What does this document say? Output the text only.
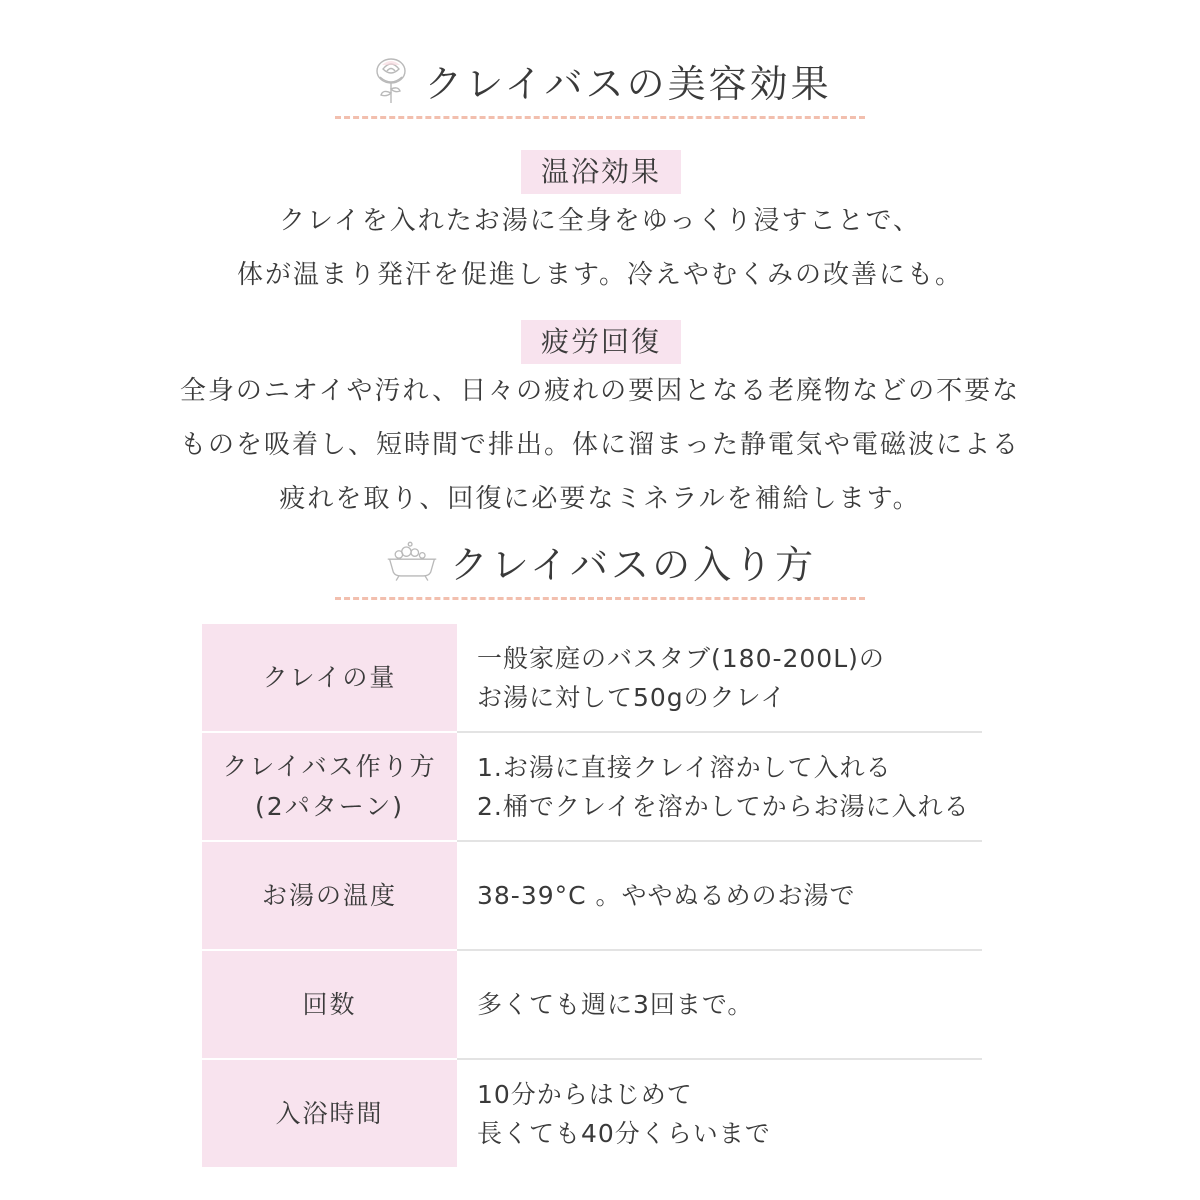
クレイバスの美容効果
温浴効果
クレイを入れたお湯に全身をゆっくり浸すことで、
体が温まり発汗を促進します。冷えやむくみの改善にも。
疲労回復
全身のニオイや汚れ、日々の疲れの要因となる老廃物などの不要な
ものを吸着し、短時間で排出。体に溜まった静電気や電磁波による
疲れを取り、回復に必要なミネラルを補給します。
クレイバスの入り方
クレイの量	一般家庭のバスタブ(180-200L)の
お湯に対して50gのクレイ

クレイバス作り方
(2パターン)	1.お湯に直接クレイ溶かして入れる
2.桶でクレイを溶かしてからお湯に入れる

お湯の温度	38-39°C 。ややぬるめのお湯で

回数	多くても週に3回まで。

入浴時間	10分からはじめて
長くても40分くらいまで
